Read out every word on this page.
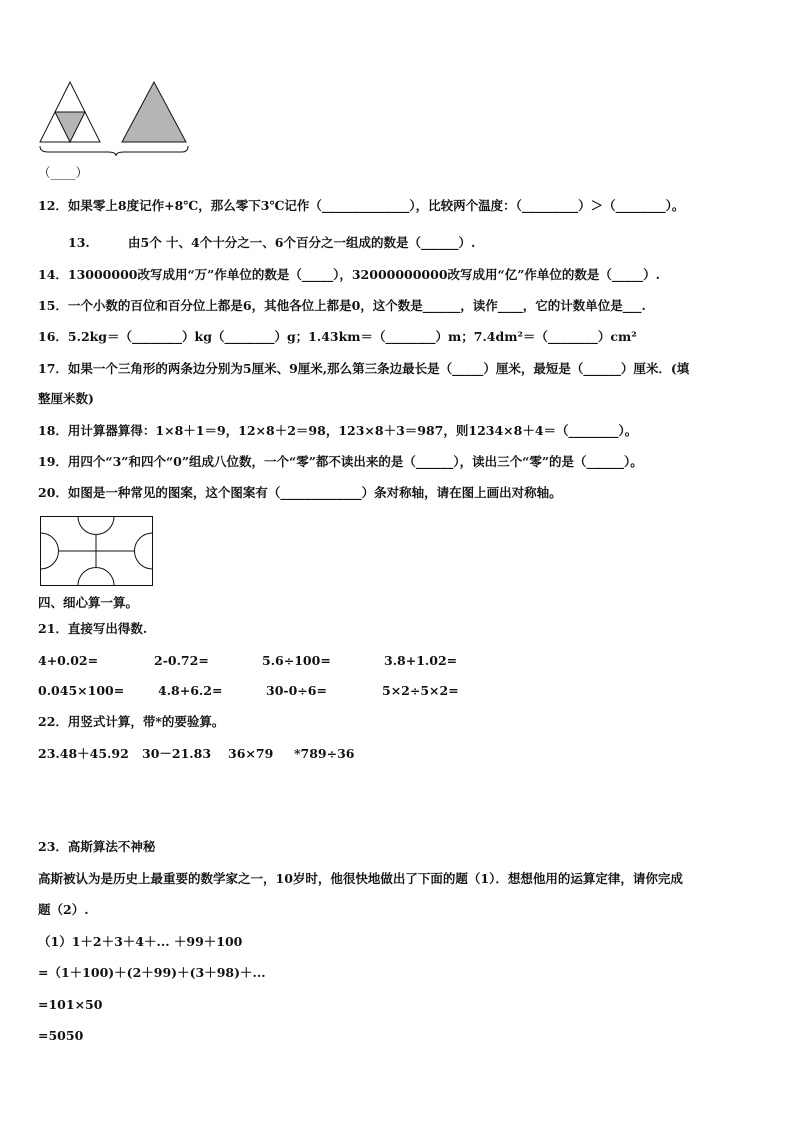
（____）
12．如果零上8度记作+8℃，那么零下3℃记作（______________），比较两个温度：（_________）＞（________）。
13.	由5个 十、4个十分之一、6个百分之一组成的数是（______）.
14．13000000改写成用“万”作单位的数是（_____），32000000000改写成用“亿”作单位的数是（_____）.
15．一个小数的百位和百分位上都是6，其他各位上都是0，这个数是______，读作____，它的计数单位是___.
16．5.2kg＝（________）kg（________）g；1.43km＝（________）m；7.4dm²＝（________）cm²
17．如果一个三角形的两条边分别为5厘米、9厘米,那么第三条边最长是（_____）厘米，最短是（______）厘米．(填
整厘米数)
18．用计算器算得：1×8＋1＝9，12×8＋2＝98，123×8＋3＝987，则1234×8＋4＝（________）。
19．用四个“3”和四个“0”组成八位数，一个“零”都不读出来的是（______），读出三个“零”的是（______）。
20．如图是一种常见的图案，这个图案有（_____________）条对称轴，请在图上画出对称轴。
四、细心算一算。
21．直接写出得数.
4+0.02=	2-0.72=	5.6÷100=	3.8+1.02=
0.045×100=	4.8+6.2=	30-0÷6=	5×2÷5×2=
22．用竖式计算，带*的要验算。
23.48＋45.92 30－21.83 36×79 *789÷36
23．高斯算法不神秘
高斯被认为是历史上最重要的数学家之一，10岁时，他很快地做出了下面的题（1）．想想他用的运算定律，请你完成
题（2）.
（1）1＋2＋3＋4＋... ＋99＋100
=（1＋100)＋(2＋99)＋(3＋98)＋...
=101×50
=5050
